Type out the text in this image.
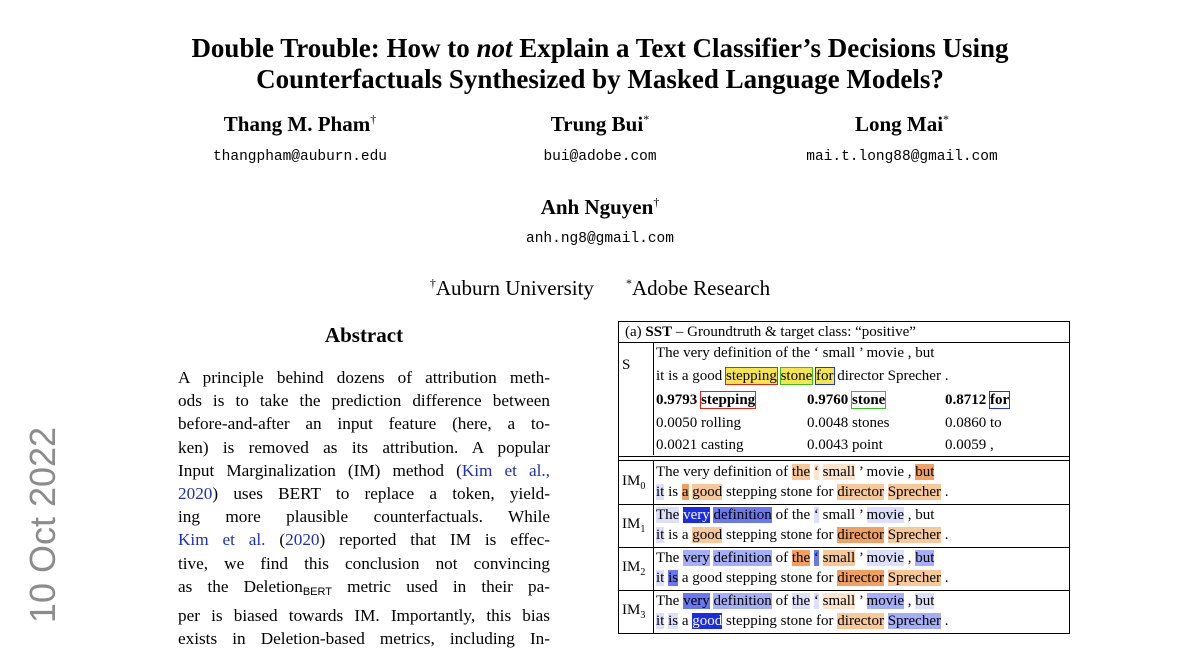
10 Oct 2022
Double Trouble: How to not Explain a Text Classifier’s Decisions Using
Counterfactuals Synthesized by Masked Language Models?
Thang M. Pham†	Trung Bui*	Long Mai*
thangpham@auburn.edu	bui@adobe.com	mai.t.long88@gmail.com
Anh Nguyen†
anh.ng8@gmail.com
†Auburn University	*Adobe Research
Abstract
A principle behind dozens of attribution meth-
ods is to take the prediction difference between
before-and-after an input feature (here, a to-
ken) is removed as its attribution. A popular
Input Marginalization (IM) method (Kim et al.,
2020) uses BERT to replace a token, yield-
ing more plausible counterfactuals. While
Kim et al. (2020) reported that IM is effec-
tive, we find this conclusion not convincing
as the Deletion$_{BERT}$ metric used in their pa-
per is biased towards IM. Importantly, this bias
exists in Deletion-based metrics, including In-
(a) SST – Groundtruth & target class: “positive”
S
The very definition of the ‘ small ’ movie , but
it is a good stepping stone for director Sprecher .
0.9793 stepping	0.9760 stone	0.8712 for
0.0050 rolling	0.0048 stones	0.0860 to
0.0021 casting	0.0043 point	0.0059 ,
$IM_0$
The very definition of the ‘ small ’ movie , but
it is a good stepping stone for director Sprecher .
$IM_1$
The very definition of the ‘ small ’ movie , but
it is a good stepping stone for director Sprecher .
$IM_2$
The very definition of the ‘ small ’ movie , but
it is a good stepping stone for director Sprecher .
$IM_3$
The very definition of the ‘ small ’ movie , but
it is a good stepping stone for director Sprecher .
